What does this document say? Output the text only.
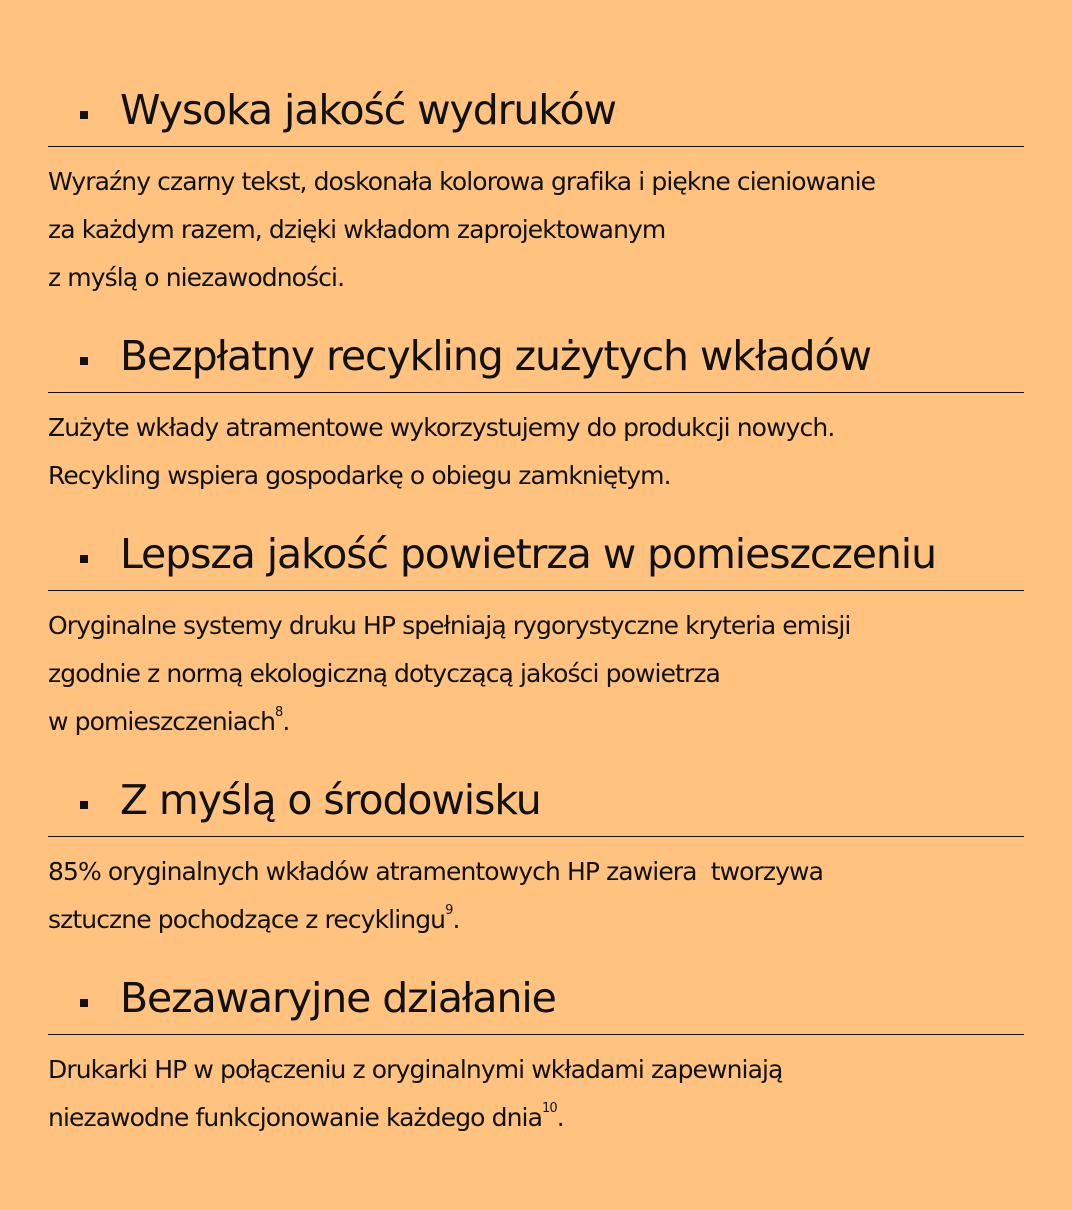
Wysoka jakość wydruków

Wyraźny czarny tekst, doskonała kolorowa grafika i piękne cieniowanie
za każdym razem, dzięki wkładom zaprojektowanym
z myślą o niezawodności.

Bezpłatny recykling zużytych wkładów

Zużyte wkłady atramentowe wykorzystujemy do produkcji nowych.
Recykling wspiera gospodarkę o obiegu zamkniętym.

Lepsza jakość powietrza w pomieszczeniu

Oryginalne systemy druku HP spełniają rygorystyczne kryteria emisji
zgodnie z normą ekologiczną dotyczącą jakości powietrza
w pomieszczeniach$^8$.

Z myślą o środowisku

85% oryginalnych wkładów atramentowych HP zawiera  tworzywa
sztuczne pochodzące z recyklingu$^9$.

Bezawaryjne działanie

Drukarki HP w połączeniu z oryginalnymi wkładami zapewniają
niezawodne funkcjonowanie każdego dnia$^{10}$.
